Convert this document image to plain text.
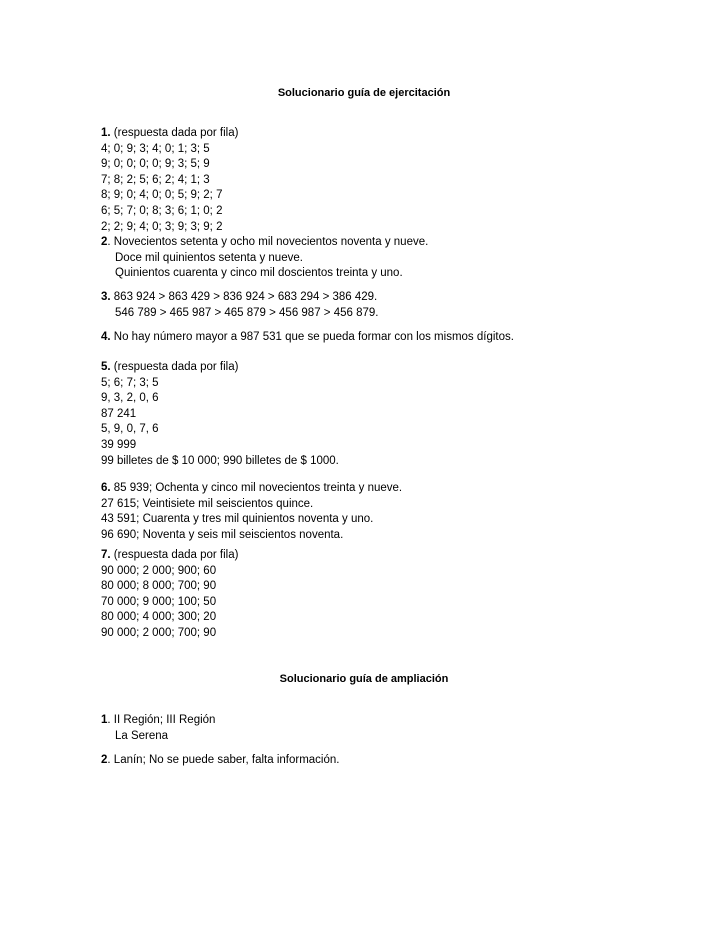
Solucionario guía de ejercitación
1. (respuesta dada por fila)
4; 0; 9; 3; 4; 0; 1; 3; 5
9; 0; 0; 0; 0; 9; 3; 5; 9
7; 8; 2; 5; 6; 2; 4; 1; 3
8; 9; 0; 4; 0; 0; 5; 9; 2; 7
6; 5; 7; 0; 8; 3; 6; 1; 0; 2
2; 2; 9; 4; 0; 3; 9; 3; 9; 2
2. Novecientos setenta y ocho mil novecientos noventa y nueve.
Doce mil quinientos setenta y nueve.
Quinientos cuarenta y cinco mil doscientos treinta y uno.
3. 863 924 > 863 429 > 836 924 > 683 294 > 386 429.
546 789 > 465 987 > 465 879 > 456 987 > 456 879.
4. No hay número mayor a 987 531 que se pueda formar con los mismos dígitos.
5. (respuesta dada por fila)
5; 6; 7; 3; 5
9, 3, 2, 0, 6
87 241
5, 9, 0, 7, 6
39 999
99 billetes de $ 10 000; 990 billetes de $ 1000.
6. 85 939; Ochenta y cinco mil novecientos treinta y nueve.
27 615; Veintisiete mil seiscientos quince.
43 591; Cuarenta y tres mil quinientos noventa y uno.
96 690; Noventa y seis mil seiscientos noventa.
7. (respuesta dada por fila)
90 000; 2 000; 900; 60
80 000; 8 000; 700; 90
70 000; 9 000; 100; 50
80 000; 4 000; 300; 20
90 000; 2 000; 700; 90
Solucionario guía de ampliación
1. II Región; III Región
La Serena
2. Lanín; No se puede saber, falta información.
